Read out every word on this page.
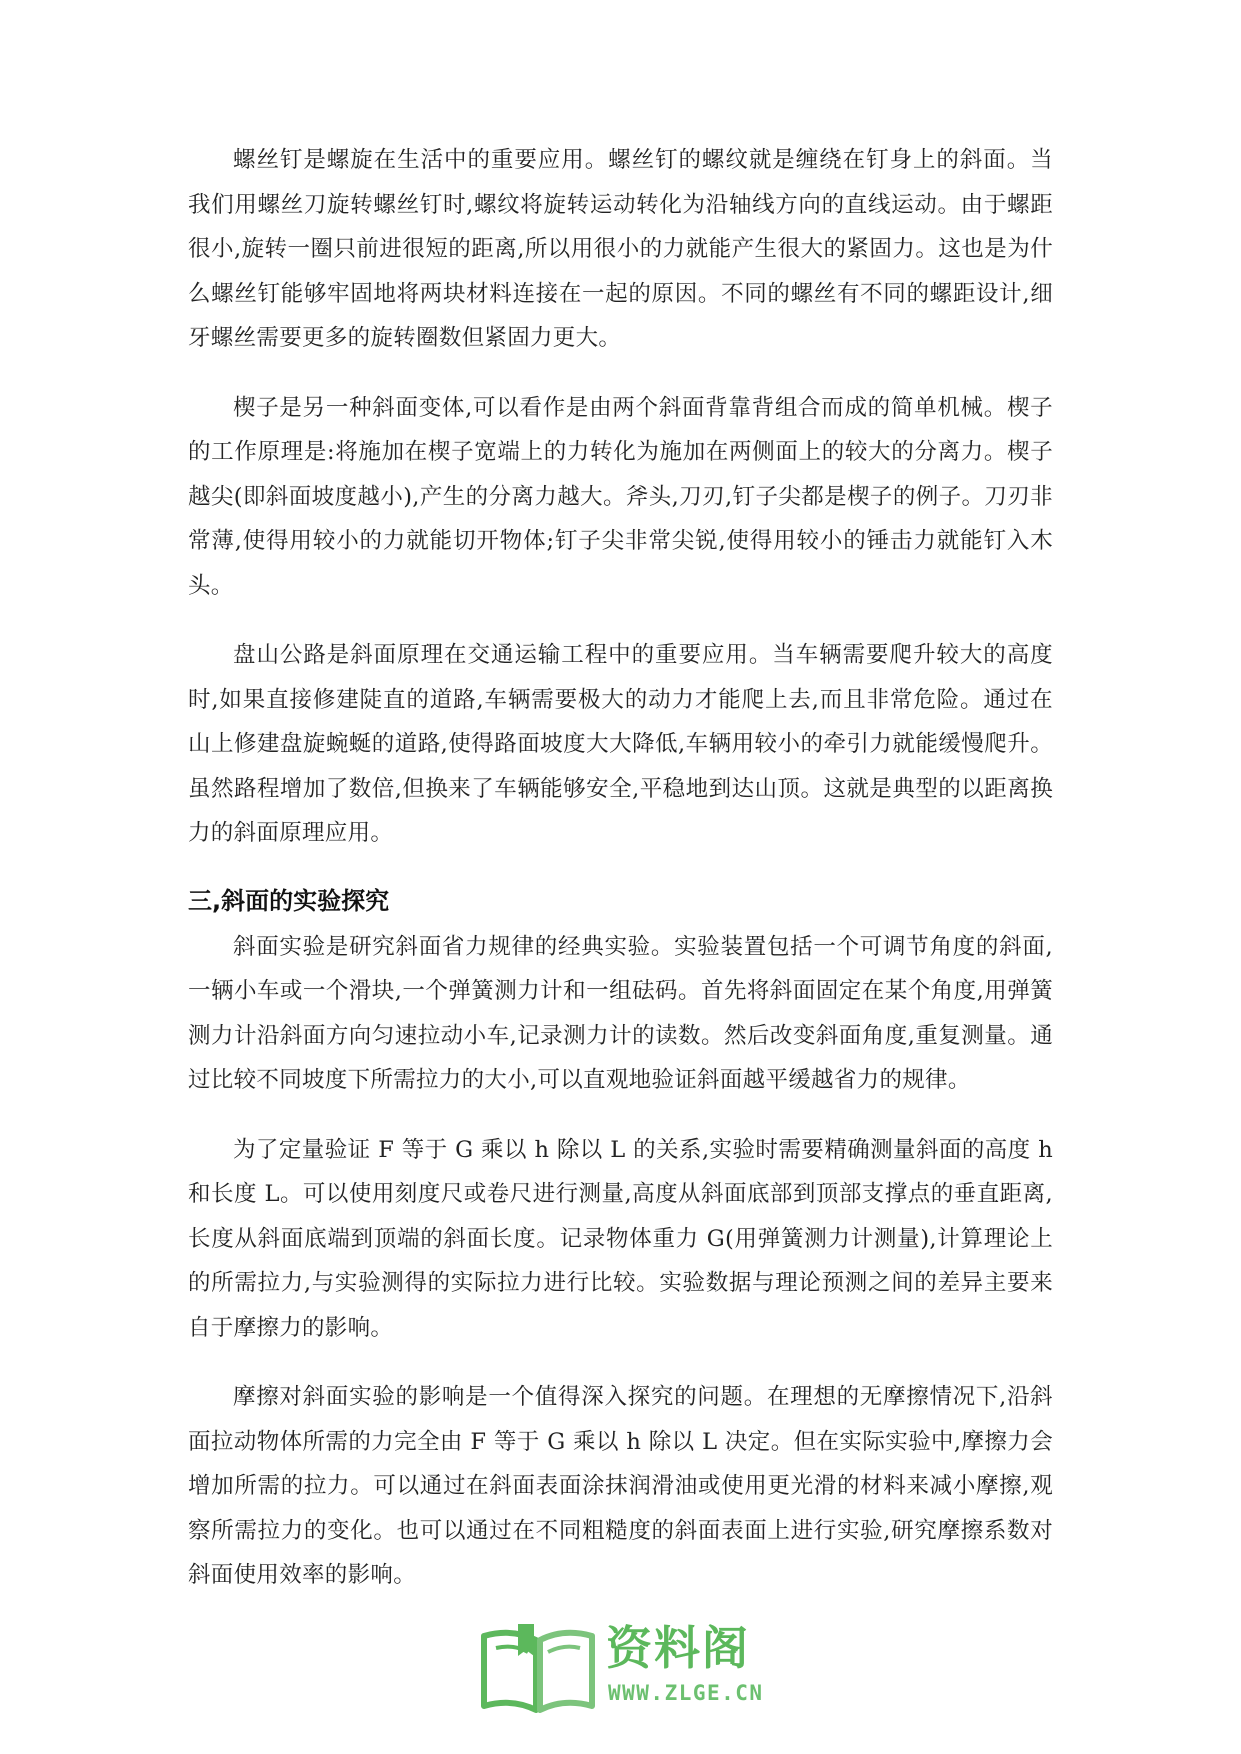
螺丝钉是螺旋在生活中的重要应用。螺丝钉的螺纹就是缠绕在钉身上的斜面。当我们用螺丝刀旋转螺丝钉时,螺纹将旋转运动转化为沿轴线方向的直线运动。由于螺距很小,旋转一圈只前进很短的距离,所以用很小的力就能产生很大的紧固力。这也是为什么螺丝钉能够牢固地将两块材料连接在一起的原因。不同的螺丝有不同的螺距设计,细牙螺丝需要更多的旋转圈数但紧固力更大。

楔子是另一种斜面变体,可以看作是由两个斜面背靠背组合而成的简单机械。楔子的工作原理是:将施加在楔子宽端上的力转化为施加在两侧面上的较大的分离力。楔子越尖(即斜面坡度越小),产生的分离力越大。斧头,刀刃,钉子尖都是楔子的例子。刀刃非常薄,使得用较小的力就能切开物体;钉子尖非常尖锐,使得用较小的锤击力就能钉入木头。

盘山公路是斜面原理在交通运输工程中的重要应用。当车辆需要爬升较大的高度时,如果直接修建陡直的道路,车辆需要极大的动力才能爬上去,而且非常危险。通过在山上修建盘旋蜿蜒的道路,使得路面坡度大大降低,车辆用较小的牵引力就能缓慢爬升。虽然路程增加了数倍,但换来了车辆能够安全,平稳地到达山顶。这就是典型的以距离换力的斜面原理应用。

三,斜面的实验探究

斜面实验是研究斜面省力规律的经典实验。实验装置包括一个可调节角度的斜面,一辆小车或一个滑块,一个弹簧测力计和一组砝码。首先将斜面固定在某个角度,用弹簧测力计沿斜面方向匀速拉动小车,记录测力计的读数。然后改变斜面角度,重复测量。通过比较不同坡度下所需拉力的大小,可以直观地验证斜面越平缓越省力的规律。

为了定量验证 F 等于 G 乘以 h 除以 L 的关系,实验时需要精确测量斜面的高度 h 和长度 L。可以使用刻度尺或卷尺进行测量,高度从斜面底部到顶部支撑点的垂直距离,长度从斜面底端到顶端的斜面长度。记录物体重力 G(用弹簧测力计测量),计算理论上的所需拉力,与实验测得的实际拉力进行比较。实验数据与理论预测之间的差异主要来自于摩擦力的影响。

摩擦对斜面实验的影响是一个值得深入探究的问题。在理想的无摩擦情况下,沿斜面拉动物体所需的力完全由 F 等于 G 乘以 h 除以 L 决定。但在实际实验中,摩擦力会增加所需的拉力。可以通过在斜面表面涂抹润滑油或使用更光滑的材料来减小摩擦,观察所需拉力的变化。也可以通过在不同粗糙度的斜面表面上进行实验,研究摩擦系数对斜面使用效率的影响。

资料阁
WWW.ZLGE.CN
